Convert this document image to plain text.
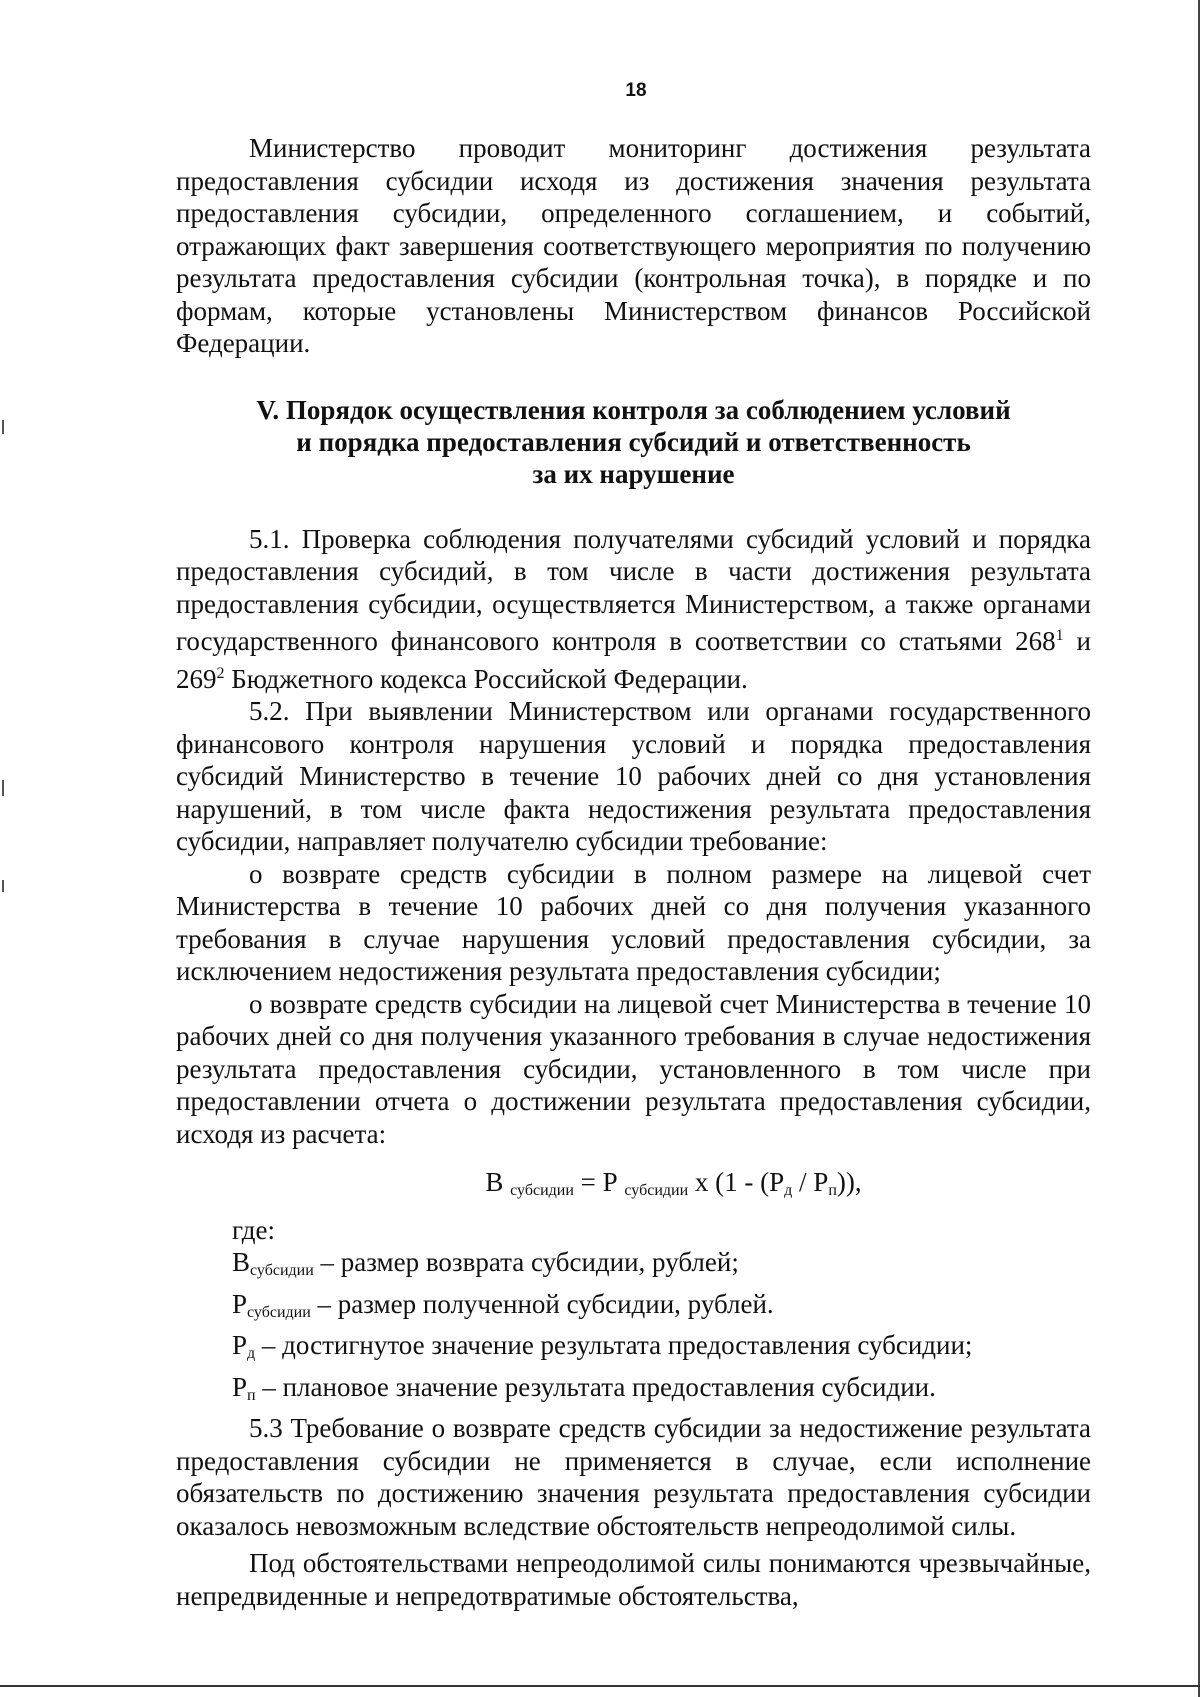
18

Министерство проводит мониторинг достижения результата предоставления субсидии исходя из достижения значения результата предоставления субсидии, определенного соглашением, и событий, отражающих факт завершения соответствующего мероприятия по получению результата предоставления субсидии (контрольная точка), в порядке и по формам, которые установлены Министерством финансов Российской Федерации.

V. Порядок осуществления контроля за соблюдением условий
и порядка предоставления субсидий и ответственность
за их нарушение

5.1. Проверка соблюдения получателями субсидий условий и порядка предоставления субсидий, в том числе в части достижения результата предоставления субсидии, осуществляется Министерством, а также органами государственного финансового контроля в соответствии со статьями $268^1$ и $269^2$ Бюджетного кодекса Российской Федерации.

5.2. При выявлении Министерством или органами государственного финансового контроля нарушения условий и порядка предоставления субсидий Министерство в течение 10 рабочих дней со дня установления нарушений, в том числе факта недостижения результата предоставления субсидии, направляет получателю субсидии требование:

о возврате средств субсидии в полном размере на лицевой счет Министерства в течение 10 рабочих дней со дня получения указанного требования в случае нарушения условий предоставления субсидии, за исключением недостижения результата предоставления субсидии;

о возврате средств субсидии на лицевой счет Министерства в течение 10 рабочих дней со дня получения указанного требования в случае недостижения результата предоставления субсидии, установленного в том числе при предоставлении отчета о достижении результата предоставления субсидии, исходя из расчета:

В $_{субсидии}$ = Р $_{субсидии}$ х $(1 - (Р_д / Р_п))$,
где:
$В_{субсидии}$ – размер возврата субсидии, рублей;
$Р_{субсидии}$ – размер полученной субсидии, рублей.
$Р_д$ – достигнутое значение результата предоставления субсидии;
$Р_п$ – плановое значение результата предоставления субсидии.

5.3 Требование о возврате средств субсидии за недостижение результата предоставления субсидии не применяется в случае, если исполнение обязательств по достижению значения результата предоставления субсидии оказалось невозможным вследствие обстоятельств непреодолимой силы.

Под обстоятельствами непреодолимой силы понимаются чрезвычайные, непредвиденные и непредотвратимые обстоятельства,
